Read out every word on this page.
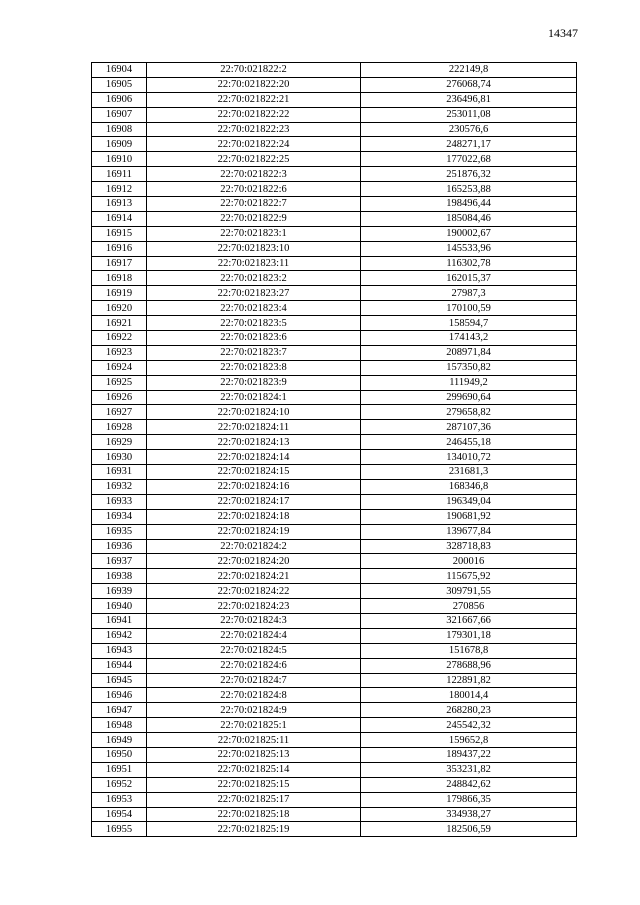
14347
16904	22:70:021822:2	222149,8
16905	22:70:021822:20	276068,74
16906	22:70:021822:21	236496,81
16907	22:70:021822:22	253011,08
16908	22:70:021822:23	230576,6
16909	22:70:021822:24	248271,17
16910	22:70:021822:25	177022,68
16911	22:70:021822:3	251876,32
16912	22:70:021822:6	165253,88
16913	22:70:021822:7	198496,44
16914	22:70:021822:9	185084,46
16915	22:70:021823:1	190002,67
16916	22:70:021823:10	145533,96
16917	22:70:021823:11	116302,78
16918	22:70:021823:2	162015,37
16919	22:70:021823:27	27987,3
16920	22:70:021823:4	170100,59
16921	22:70:021823:5	158594,7
16922	22:70:021823:6	174143,2
16923	22:70:021823:7	208971,84
16924	22:70:021823:8	157350,82
16925	22:70:021823:9	111949,2
16926	22:70:021824:1	299690,64
16927	22:70:021824:10	279658,82
16928	22:70:021824:11	287107,36
16929	22:70:021824:13	246455,18
16930	22:70:021824:14	134010,72
16931	22:70:021824:15	231681,3
16932	22:70:021824:16	168346,8
16933	22:70:021824:17	196349,04
16934	22:70:021824:18	190681,92
16935	22:70:021824:19	139677,84
16936	22:70:021824:2	328718,83
16937	22:70:021824:20	200016
16938	22:70:021824:21	115675,92
16939	22:70:021824:22	309791,55
16940	22:70:021824:23	270856
16941	22:70:021824:3	321667,66
16942	22:70:021824:4	179301,18
16943	22:70:021824:5	151678,8
16944	22:70:021824:6	278688,96
16945	22:70:021824:7	122891,82
16946	22:70:021824:8	180014,4
16947	22:70:021824:9	268280,23
16948	22:70:021825:1	245542,32
16949	22:70:021825:11	159652,8
16950	22:70:021825:13	189437,22
16951	22:70:021825:14	353231,82
16952	22:70:021825:15	248842,62
16953	22:70:021825:17	179866,35
16954	22:70:021825:18	334938,27
16955	22:70:021825:19	182506,59
